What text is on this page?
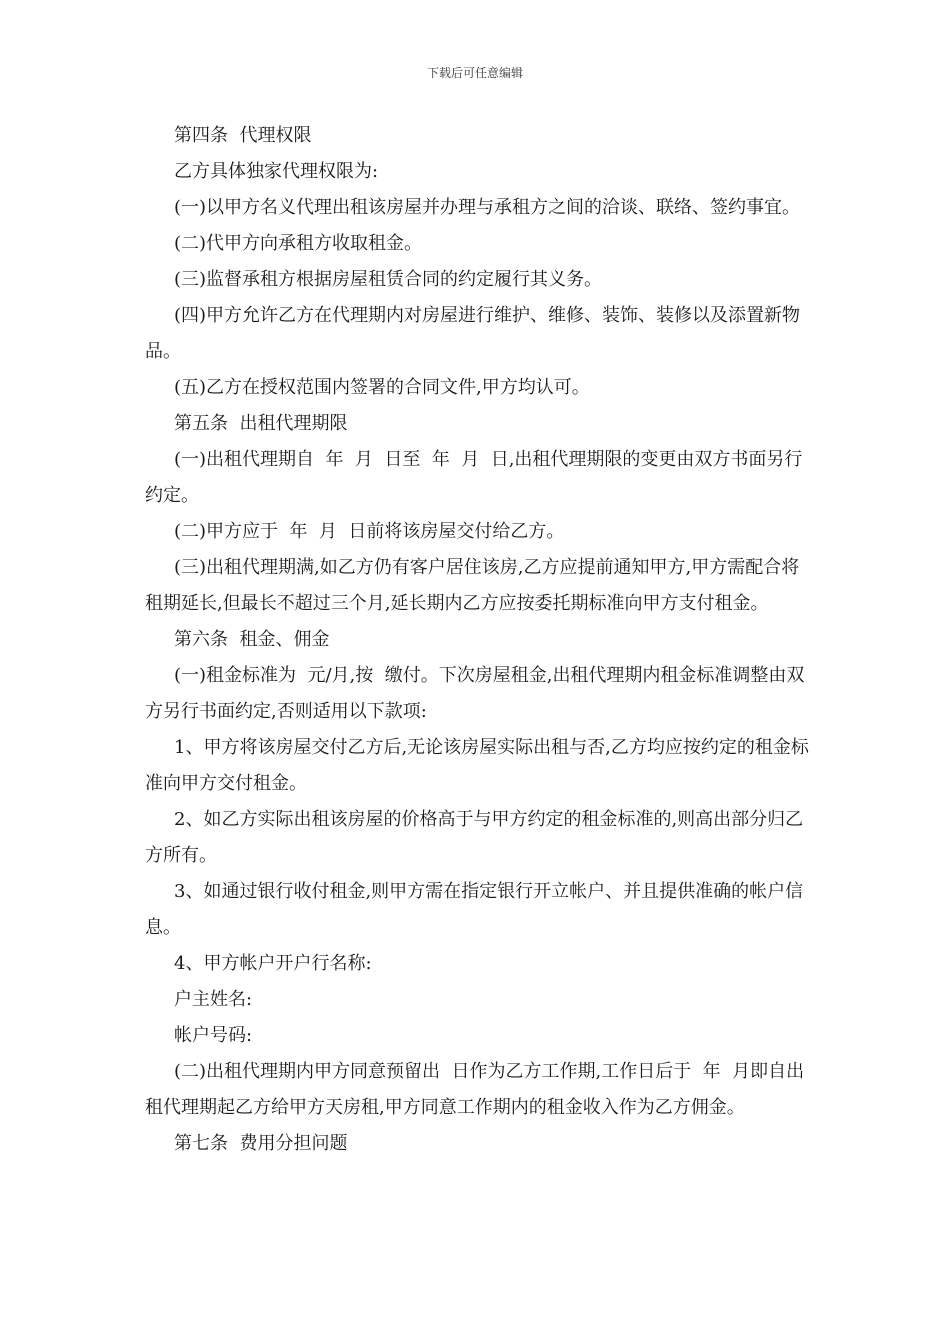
下载后可任意编辑

第四条  代理权限

乙方具体独家代理权限为:

(一)以甲方名义代理出租该房屋并办理与承租方之间的洽谈、联络、签约事宜。

(二)代甲方向承租方收取租金。

(三)监督承租方根据房屋租赁合同的约定履行其义务。

(四)甲方允许乙方在代理期内对房屋进行维护、维修、装饰、装修以及添置新物品。

(五)乙方在授权范围内签署的合同文件,甲方均认可。

第五条  出租代理期限

(一)出租代理期自  年  月  日至  年  月  日,出租代理期限的变更由双方书面另行约定。

(二)甲方应于  年  月  日前将该房屋交付给乙方。

(三)出租代理期满,如乙方仍有客户居住该房,乙方应提前通知甲方,甲方需配合将租期延长,但最长不超过三个月,延长期内乙方应按委托期标准向甲方支付租金。

第六条  租金、佣金

(一)租金标准为  元/月,按  缴付。下次房屋租金,出租代理期内租金标准调整由双方另行书面约定,否则适用以下款项:

1、甲方将该房屋交付乙方后,无论该房屋实际出租与否,乙方均应按约定的租金标准向甲方交付租金。

2、如乙方实际出租该房屋的价格高于与甲方约定的租金标准的,则高出部分归乙方所有。

3、如通过银行收付租金,则甲方需在指定银行开立帐户、并且提供准确的帐户信息。

4、甲方帐户开户行名称:

户主姓名:

帐户号码:

(二)出租代理期内甲方同意预留出  日作为乙方工作期,工作日后于  年  月即自出租代理期起乙方给甲方天房租,甲方同意工作期内的租金收入作为乙方佣金。

第七条  费用分担问题
